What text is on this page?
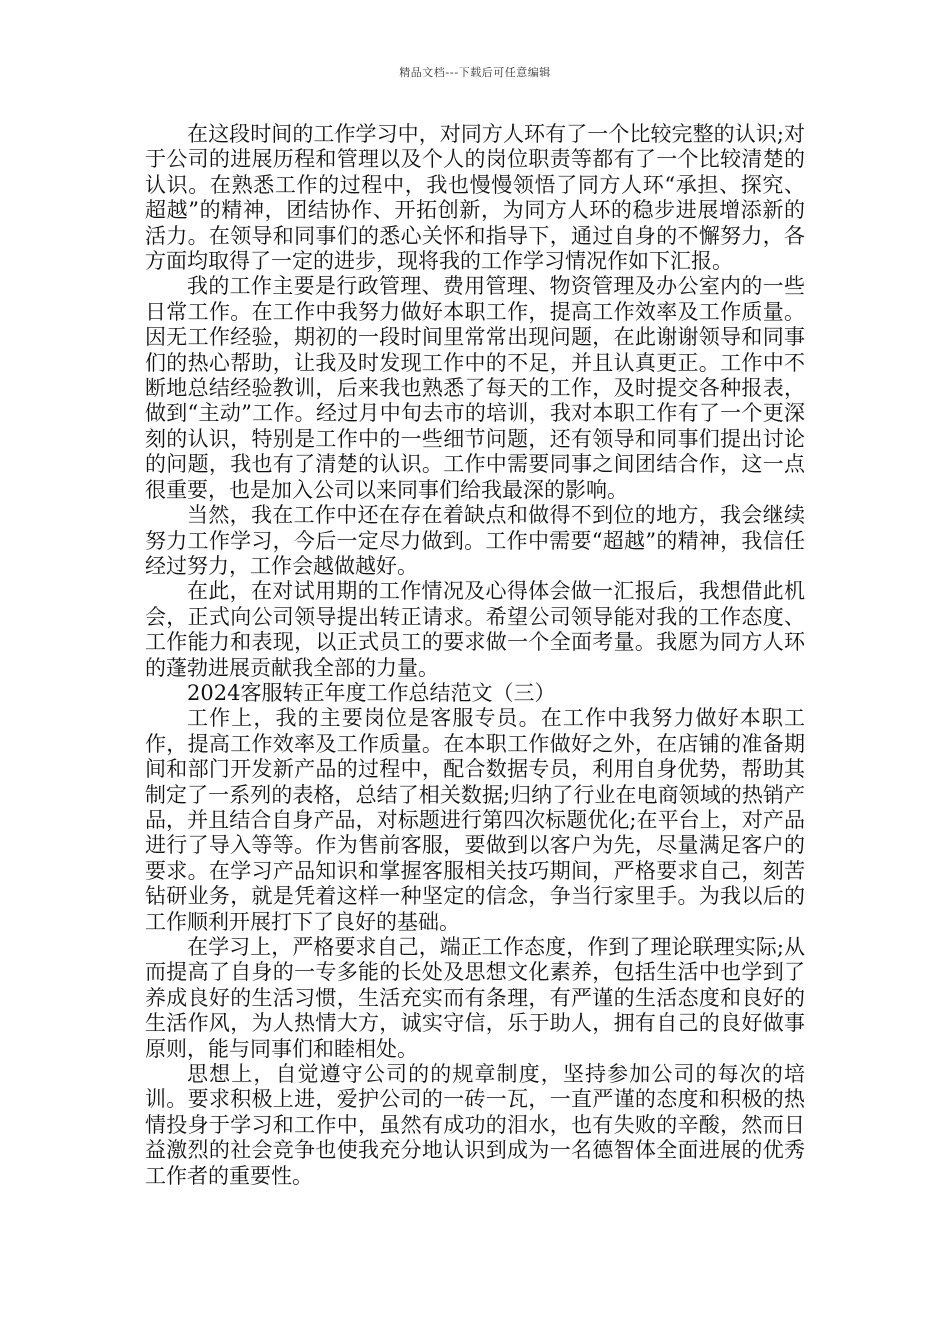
精品文档---下载后可任意编辑

在这段时间的工作学习中，对同方人环有了一个比较完整的认识;对于公司的进展历程和管理以及个人的岗位职责等都有了一个比较清楚的认识。在熟悉工作的过程中，我也慢慢领悟了同方人环“承担、探究、超越”的精神，团结协作、开拓创新，为同方人环的稳步进展增添新的活力。在领导和同事们的悉心关怀和指导下，通过自身的不懈努力，各方面均取得了一定的进步，现将我的工作学习情况作如下汇报。

我的工作主要是行政管理、费用管理、物资管理及办公室内的一些日常工作。在工作中我努力做好本职工作，提高工作效率及工作质量。因无工作经验，期初的一段时间里常常出现问题，在此谢谢领导和同事们的热心帮助，让我及时发现工作中的不足，并且认真更正。工作中不断地总结经验教训，后来我也熟悉了每天的工作，及时提交各种报表，做到“主动”工作。经过月中旬去市的培训，我对本职工作有了一个更深刻的认识，特别是工作中的一些细节问题，还有领导和同事们提出讨论的问题，我也有了清楚的认识。工作中需要同事之间团结合作，这一点很重要，也是加入公司以来同事们给我最深的影响。

当然，我在工作中还在存在着缺点和做得不到位的地方，我会继续努力工作学习，今后一定尽力做到。工作中需要“超越”的精神，我信任经过努力，工作会越做越好。

在此，在对试用期的工作情况及心得体会做一汇报后，我想借此机会，正式向公司领导提出转正请求。希望公司领导能对我的工作态度、工作能力和表现，以正式员工的要求做一个全面考量。我愿为同方人环的蓬勃进展贡献我全部的力量。

2024客服转正年度工作总结范文（三）

工作上，我的主要岗位是客服专员。在工作中我努力做好本职工作，提高工作效率及工作质量。在本职工作做好之外，在店铺的准备期间和部门开发新产品的过程中，配合数据专员，利用自身优势，帮助其制定了一系列的表格，总结了相关数据;归纳了行业在电商领域的热销产品，并且结合自身产品，对标题进行第四次标题优化;在平台上，对产品进行了导入等等。作为售前客服，要做到以客户为先，尽量满足客户的要求。在学习产品知识和掌握客服相关技巧期间，严格要求自己，刻苦钻研业务，就是凭着这样一种坚定的信念，争当行家里手。为我以后的工作顺利开展打下了良好的基础。

在学习上，严格要求自己，端正工作态度，作到了理论联理实际;从而提高了自身的一专多能的长处及思想文化素养，包括生活中也学到了养成良好的生活习惯，生活充实而有条理，有严谨的生活态度和良好的生活作风，为人热情大方，诚实守信，乐于助人，拥有自己的良好做事原则，能与同事们和睦相处。

思想上，自觉遵守公司的的规章制度，坚持参加公司的每次的培训。要求积极上进，爱护公司的一砖一瓦，一直严谨的态度和积极的热情投身于学习和工作中，虽然有成功的泪水，也有失败的辛酸，然而日益激烈的社会竞争也使我充分地认识到成为一名德智体全面进展的优秀工作者的重要性。
